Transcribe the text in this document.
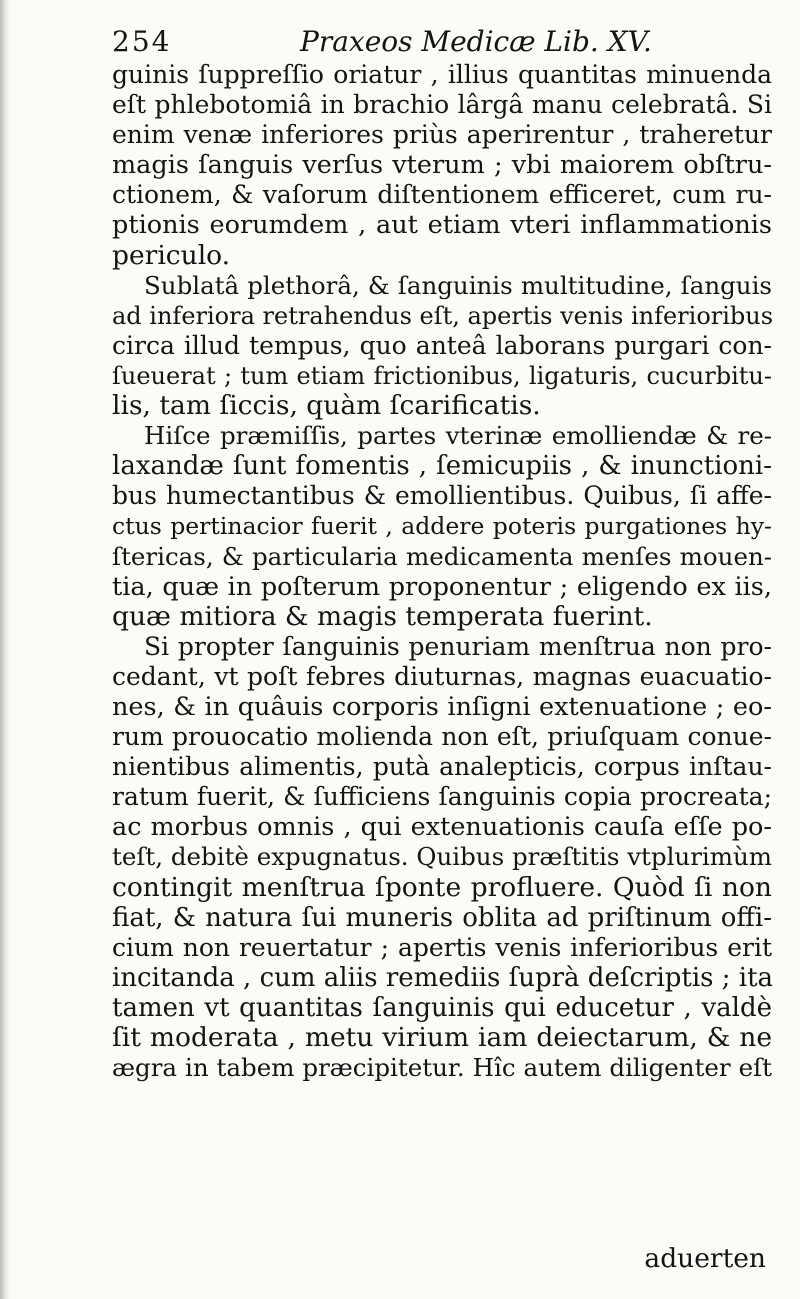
254	Praxeos Medicæ Lib. XV.
guinis ſuppreſſio oriatur , illius quantitas minuenda
eſt phlebotomiâ in brachio lârgâ manu celebratâ. Si
enim venæ inferiores priùs aperirentur , traheretur
magis ſanguis verſus vterum ; vbi maiorem obſtru-
ctionem, & vaſorum diſtentionem efficeret, cum ru-
ptionis eorumdem , aut etiam vteri inflammationis
periculo.
Sublatâ plethorâ, & ſanguinis multitudine, ſanguis
ad inferiora retrahendus eſt, apertis venis inferioribus
circa illud tempus, quo anteâ laborans purgari con-
ſueuerat ; tum etiam frictionibus, ligaturis, cucurbitu-
lis, tam ſiccis, quàm ſcarificatis.
Hiſce præmiſſis, partes vterinæ emolliendæ & re-
laxandæ ſunt fomentis , ſemicupiis , & inunctioni-
bus humectantibus & emollientibus. Quibus, ſi affe-
ctus pertinacior fuerit , addere poteris purgationes hy-
ſtericas, & particularia medicamenta menſes mouen-
tia, quæ in poſterum proponentur ; eligendo ex iis,
quæ mitiora & magis temperata fuerint.
Si propter ſanguinis penuriam menſtrua non pro-
cedant, vt poſt febres diuturnas, magnas euacuatio-
nes, & in quâuis corporis inſigni extenuatione ; eo-
rum prouocatio molienda non eſt, priuſquam conue-
nientibus alimentis, putà analepticis, corpus inſtau-
ratum fuerit, & ſufficiens ſanguinis copia procreata;
ac morbus omnis , qui extenuationis cauſa eſſe po-
teſt, debitè expugnatus. Quibus præſtitis vtplurimùm
contingit menſtrua ſponte profluere. Quòd ſi non
fiat, & natura ſui muneris oblita ad priſtinum offi-
cium non reuertatur ; apertis venis inferioribus erit
incitanda , cum aliis remediis ſuprà deſcriptis ; ita
tamen vt quantitas ſanguinis qui educetur , valdè
ſit moderata , metu virium iam deiectarum, & ne
ægra in tabem præcipitetur. Hîc autem diligenter eſt
aduerten
